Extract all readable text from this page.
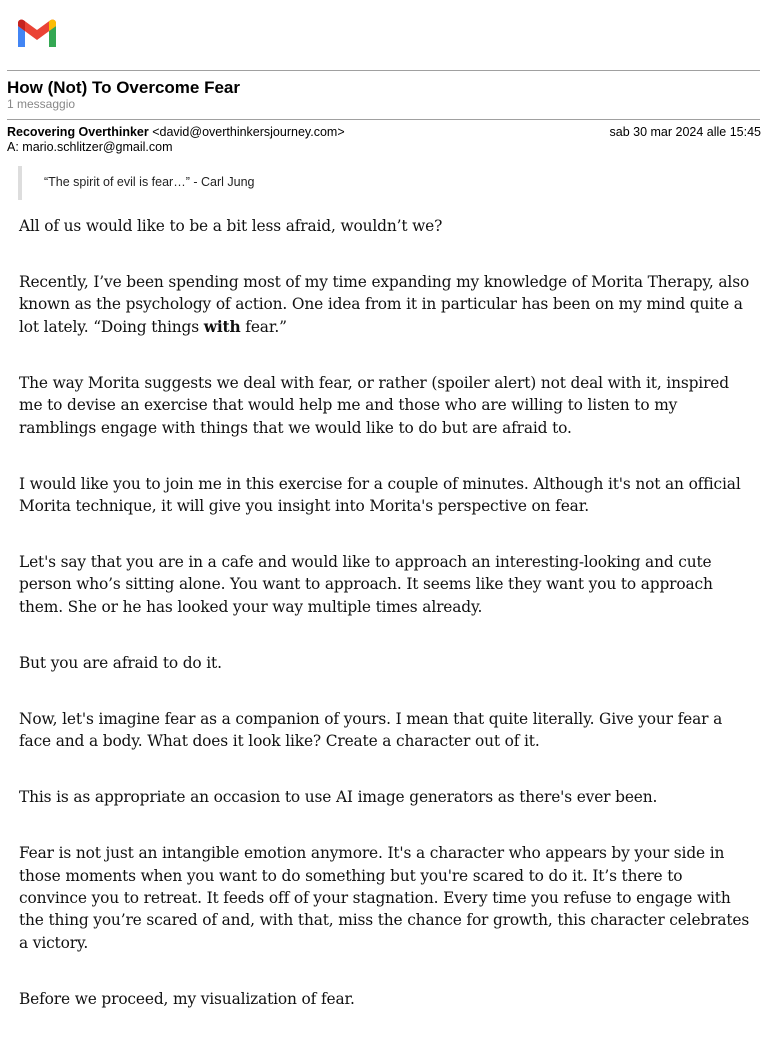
How (Not) To Overcome Fear
1 messaggio
Recovering Overthinker <david@overthinkersjourney.com>	sab 30 mar 2024 alle 15:45
A: mario.schlitzer@gmail.com
“The spirit of evil is fear…” - Carl Jung

All of us would like to be a bit less afraid, wouldn’t we?

Recently, I’ve been spending most of my time expanding my knowledge of Morita Therapy, also known as the psychology of action. One idea from it in particular has been on my mind quite a lot lately. “Doing things with fear.”

The way Morita suggests we deal with fear, or rather (spoiler alert) not deal with it, inspired me to devise an exercise that would help me and those who are willing to listen to my ramblings engage with things that we would like to do but are afraid to.

I would like you to join me in this exercise for a couple of minutes. Although it's not an official Morita technique, it will give you insight into Morita's perspective on fear.

Let's say that you are in a cafe and would like to approach an interesting-looking and cute person who’s sitting alone. You want to approach. It seems like they want you to approach them. She or he has looked your way multiple times already.

But you are afraid to do it.

Now, let's imagine fear as a companion of yours. I mean that quite literally. Give your fear a face and a body. What does it look like? Create a character out of it.

This is as appropriate an occasion to use AI image generators as there's ever been.

Fear is not just an intangible emotion anymore. It's a character who appears by your side in those moments when you want to do something but you're scared to do it. It’s there to convince you to retreat. It feeds off of your stagnation. Every time you refuse to engage with the thing you’re scared of and, with that, miss the chance for growth, this character celebrates a victory.

Before we proceed, my visualization of fear.
